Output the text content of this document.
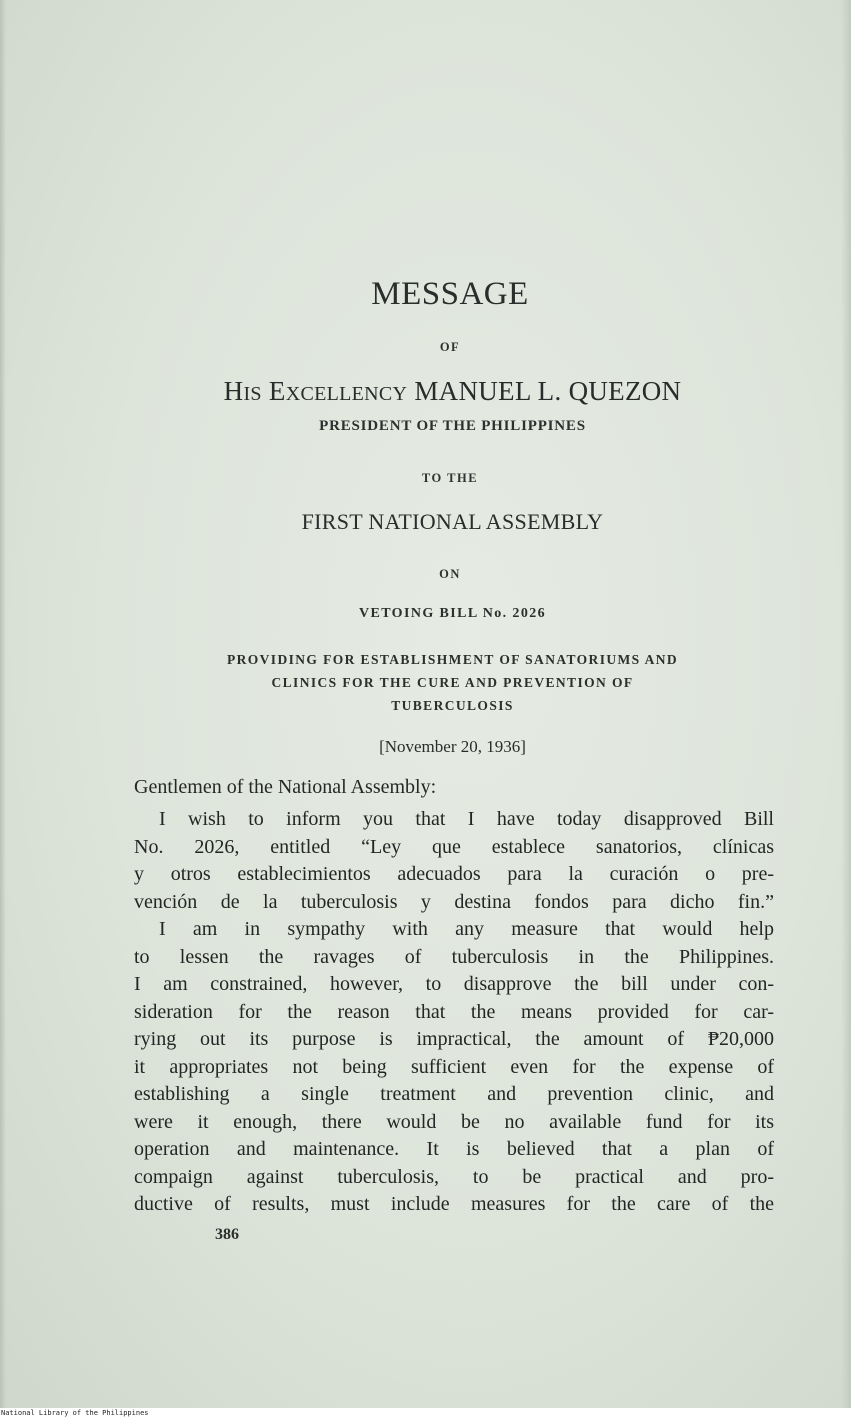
MESSAGE
OF
HIS EXCELLENCY MANUEL L. QUEZON
PRESIDENT OF THE PHILIPPINES
TO THE
FIRST NATIONAL ASSEMBLY
ON
VETOING BILL No. 2026
PROVIDING FOR ESTABLISHMENT OF SANATORIUMS AND
CLINICS FOR THE CURE AND PREVENTION OF
TUBERCULOSIS
[November 20, 1936]
Gentlemen of the National Assembly:

I wish to inform you that I have today disapproved Bill
No. 2026, entitled “Ley que establece sanatorios, clínicas
y otros establecimientos adecuados para la curación o pre-
vención de la tuberculosis y destina fondos para dicho fin.”

I am in sympathy with any measure that would help
to lessen the ravages of tuberculosis in the Philippines.
I am constrained, however, to disapprove the bill under con-
sideration for the reason that the means provided for car-
rying out its purpose is impractical, the amount of ₱20,000
it appropriates not being sufficient even for the expense of
establishing a single treatment and prevention clinic, and
were it enough, there would be no available fund for its
operation and maintenance. It is believed that a plan of
compaign against tuberculosis, to be practical and pro-
ductive of results, must include measures for the care of the

386
National Library of the Philippines
